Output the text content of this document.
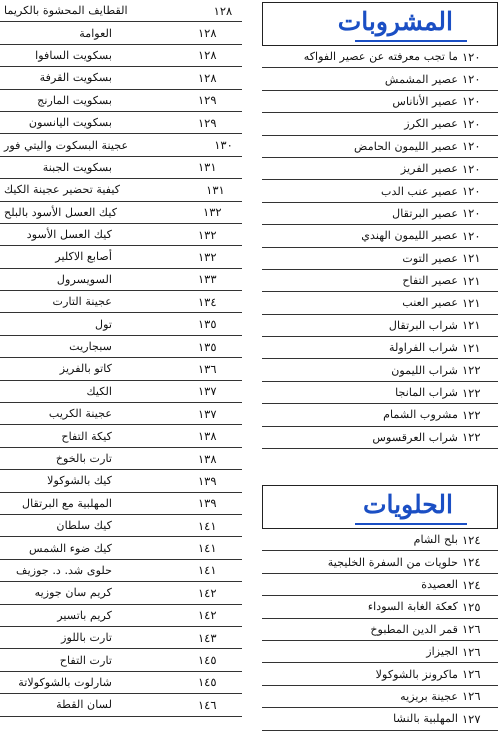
القطايف المحشوة بالكريما	١٢٨
العوامة	١٢٨
بسكويت السافوا	١٢٨
بسكويت القرفة	١٢٨
بسكويت المارنج	١٢٩
بسكويت اليانسون	١٢٩
عجينة البسكوت واليتي فور	١٣٠
بسكويت الجبنة	١٣١
كيفية تحضير عجينة الكيك	١٣١
كيك العسل الأسود بالبلح	١٣٢
كيك العسل الأسود	١٣٢
أصابع الاكلير	١٣٢
السويسرول	١٣٣
عجينة التارت	١٣٤
تول	١٣٥
سبجاريت	١٣٥
كاتو بالفريز	١٣٦
الكيك	١٣٧
عجينة الكريب	١٣٧
كيكة التفاح	١٣٨
تارت بالخوخ	١٣٨
كيك بالشوكولا	١٣٩
المهلبية مع البرتقال	١٣٩
كيك سلطان	١٤١
كيك ضوء الشمس	١٤١
حلوى شد. د. جوزيف	١٤١
كريم سان جوزيه	١٤٢
كريم باتسير	١٤٢
تارت باللوز	١٤٣
تارت التفاح	١٤٥
شارلوت بالشوكولاتة	١٤٥
لسان القطة	١٤٦
المشروبات
ما تجب معرفته عن عصير الفواكه ١٢٠
عصير المشمش ١٢٠
عصير الأناناس ١٢٠
عصير الكرز ١٢٠
عصير الليمون الحامض ١٢٠
عصير الفريز ١٢٠
عصير عنب الدب ١٢٠
عصير البرتقال ١٢٠
عصير الليمون الهندي ١٢٠
عصير التوت ١٢١
عصير التفاح ١٢١
عصير العنب ١٢١
شراب البرتقال ١٢١
شراب الفراولة ١٢١
شراب الليمون ١٢٢
شراب المانجا ١٢٢
مشروب الشمام ١٢٢
شراب العرقسوس ١٢٢
الحلويات
بلح الشام ١٢٤
حلويات من السفرة الخليجية ١٢٤
العصيدة ١٢٤
كعكة الغابة السوداء ١٢٥
قمر الدين المطبوخ ١٢٦
الجيزاز ١٢٦
ماكرونز بالشوكولا ١٢٦
عجينة بريزيه ١٢٦
المهلبية بالنشا ١٢٧
